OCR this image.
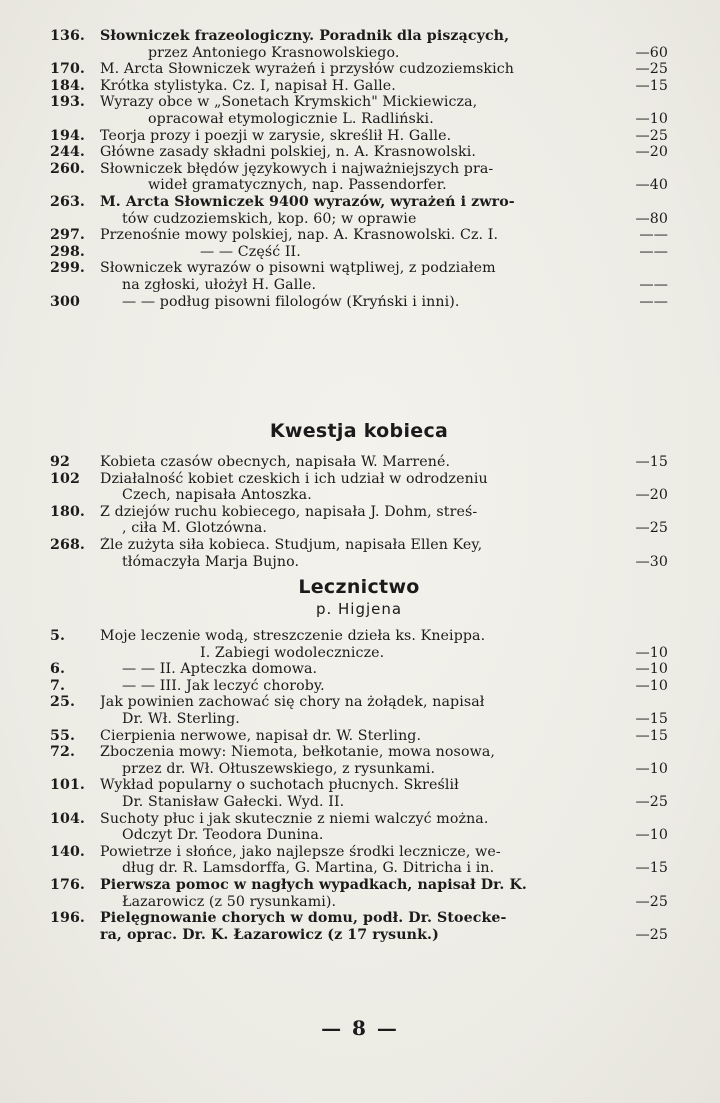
136.	Słowniczek frazeologiczny. Poradnik dla piszących,
przez Antoniego Krasnowolskiego.	—60
170.	M. Arcta Słowniczek wyrażeń i przysłów cudzoziemskich	—25
184.	Krótka stylistyka. Cz. I, napisał H. Galle.	—15
193.	Wyrazy obce w „Sonetach Krymskich" Mickiewicza,
opracował etymologicznie L. Radliński.	—10
194.	Teorja prozy i poezji w zarysie, skreślił H. Galle.	—25
244.	Główne zasady składni polskiej, n. A. Krasnowolski.	—20
260.	Słowniczek błędów językowych i najważniejszych pra-
wideł gramatycznych, nap. Passendorfer.	—40
263.	M. Arcta Słowniczek 9400 wyrazów, wyrażeń i zwro-
tów cudzoziemskich, kop. 60; w oprawie	—80
297.	Przenośnie mowy polskiej, nap. A. Krasnowolski. Cz. I.	——
298.	— — Część II.	——
299.	Słowniczek wyrazów o pisowni wątpliwej, z podziałem
na zgłoski, ułożył H. Galle.	——
300	— — podług pisowni filologów (Kryński i inni).	——
Kwestja kobieca
92	Kobieta czasów obecnych, napisała W. Marrené.	—15
102	Działalność kobiet czeskich i ich udział w odrodzeniu
Czech, napisała Antoszka.	—20
180.	Z dziejów ruchu kobiecego, napisała J. Dohm, streś-
, ciła M. Glotzówna.	—25
268.	Źle zużyta siła kobieca. Studjum, napisała Ellen Key,
tłómaczyła Marja Bujno.	—30
Lecznictwo
p. Higjena
5.	Moje leczenie wodą, streszczenie dzieła ks. Kneippa.
I. Zabiegi wodolecznicze.	—10
6.	— — II. Apteczka domowa.	—10
7.	— — III. Jak leczyć choroby.	—10
25.	Jak powinien zachować się chory na żołądek, napisał
Dr. Wł. Sterling.	—15
55.	Cierpienia nerwowe, napisał dr. W. Sterling.	—15
72.	Zboczenia mowy: Niemota, bełkotanie, mowa nosowa,
przez dr. Wł. Ołtuszewskiego, z rysunkami.	—10
101.	Wykład popularny o suchotach płucnych. Skreślił
Dr. Stanisław Gałecki. Wyd. II.	—25
104.	Suchoty płuc i jak skutecznie z niemi walczyć można.
Odczyt Dr. Teodora Dunina.	—10
140.	Powietrze i słońce, jako najlepsze środki lecznicze, we-
dług dr. R. Lamsdorffa, G. Martina, G. Ditricha i in.	—15
176.	Pierwsza pomoc w nagłych wypadkach, napisał Dr. K.
Łazarowicz (z 50 rysunkami).	—25
196.	Pielęgnowanie chorych w domu, podł. Dr. Stoecke-
ra, oprac. Dr. K. Łazarowicz (z 17 rysunk.)	—25
— 8 —
